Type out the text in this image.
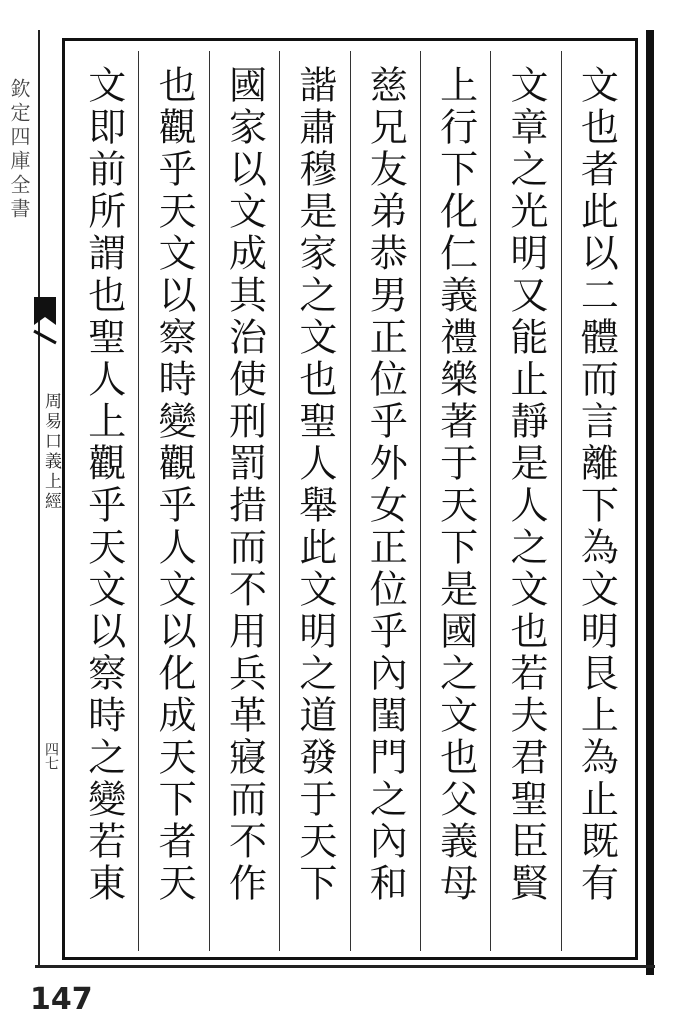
欽定四庫全書
周易口義上經
四七	文也者此以二體而言離下為文明艮上為止既有
文章之光明又能止靜是人之文也若夫君聖臣賢
上行下化仁義禮樂著于天下是國之文也父義母
慈兄友弟恭男正位乎外女正位乎內閨門之內和
諧肅穆是家之文也聖人舉此文明之道發于天下
國家以文成其治使刑罰措而不用兵革寢而不作
也觀乎天文以察時變觀乎人文以化成天下者天
文即前所謂也聖人上觀乎天文以察時之變若東
147
